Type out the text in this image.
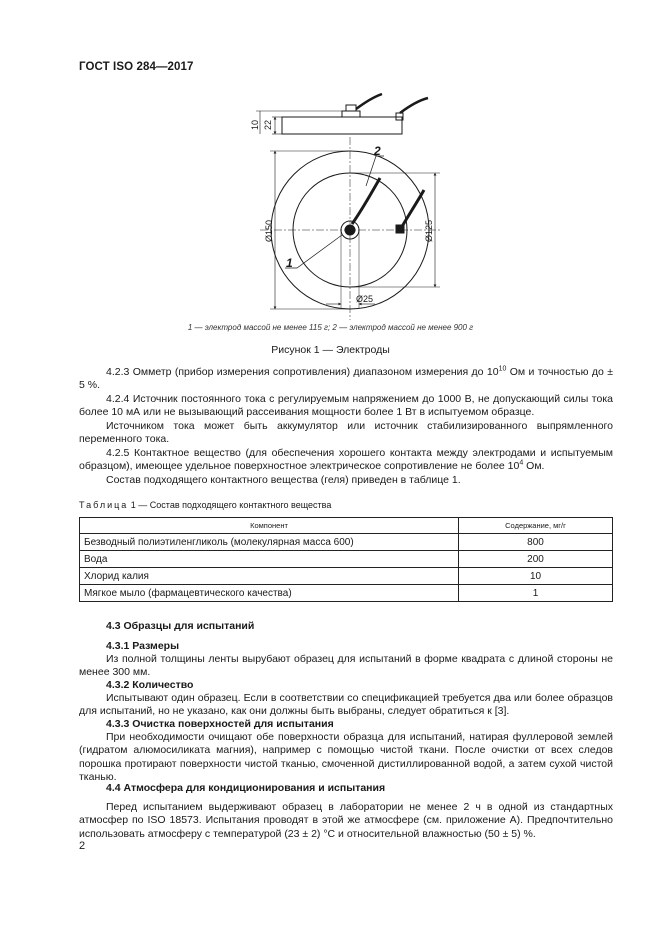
ГОСТ ISO 284—2017
10 22
Ø150	Ø125
Ø25
1
2
1 — электрод массой не менее 115 г; 2 — электрод массой не менее 900 г
Рисунок 1 — Электроды

4.2.3 Омметр (прибор измерения сопротивления) диапазоном измерения до $10^{10}$ Ом и точностью до ± 5 %.

4.2.4 Источник постоянного тока с регулируемым напряжением до 1000 В, не допускающий силы тока более 10 мА или не вызывающий рассеивания мощности более 1 Вт в испытуемом образце.

Источником тока может быть аккумулятор или источник стабилизированного выпрямленного переменного тока.

4.2.5 Контактное вещество (для обеспечения хорошего контакта между электродами и испытуемым образцом), имеющее удельное поверхностное электрическое сопротивление не более $10^4$ Ом.

Состав подходящего контактного вещества (геля) приведен в таблице 1.

Таблица 1 — Состав подходящего контактного вещества
Компонент	Содержание, мг/г
Безводный полиэтиленгликоль (молекулярная масса 600)	800
Вода	200
Хлорид калия	10
Мягкое мыло (фармацевтического качества)	1

4.3 Образцы для испытаний

4.3.1 Размеры

Из полной толщины ленты вырубают образец для испытаний в форме квадрата с длиной стороны не менее 300 мм.

4.3.2 Количество

Испытывают один образец. Если в соответствии со спецификацией требуется два или более образцов для испытаний, но не указано, как они должны быть выбраны, следует обратиться к [3].

4.3.3 Очистка поверхностей для испытания

При необходимости очищают обе поверхности образца для испытаний, натирая фуллеровой землей (гидратом алюмосиликата магния), например с помощью чистой ткани. После очистки от всех следов порошка протирают поверхности чистой тканью, смоченной дистиллированной водой, а затем сухой чистой тканью.

4.4 Атмосфера для кондиционирования и испытания

Перед испытанием выдерживают образец в лаборатории не менее 2 ч в одной из стандартных атмосфер по ISO 18573. Испытания проводят в этой же атмосфере (см. приложение А). Предпочтительно использовать атмосферу с температурой (23 ± 2) °С и относительной влажностью (50 ± 5) %.

2
